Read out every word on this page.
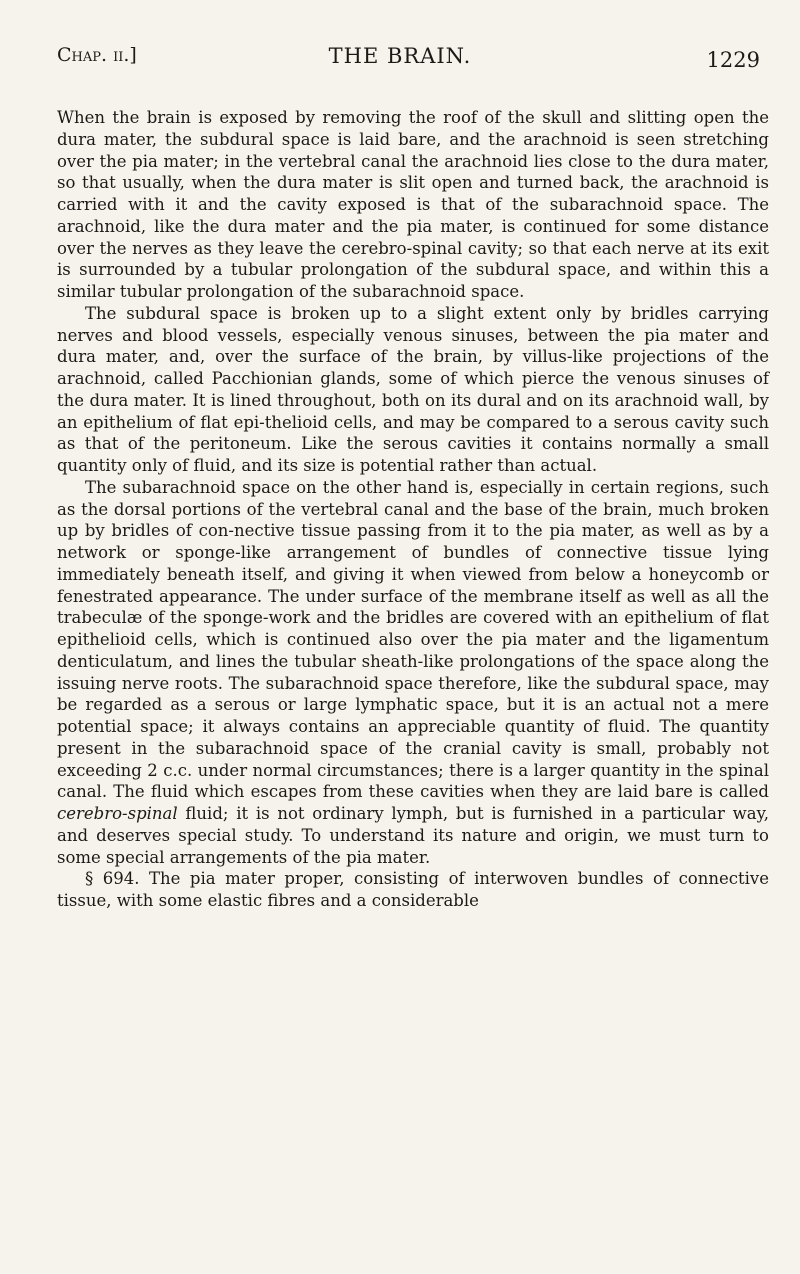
Chap. ii.]	THE BRAIN.	1229

When the brain is exposed by removing the roof of the skull and slitting open the dura mater, the subdural space is laid bare, and the arachnoid is seen stretching over the pia mater; in the vertebral canal the arachnoid lies close to the dura mater, so that usually, when the dura mater is slit open and turned back, the arachnoid is carried with it and the cavity exposed is that of the subarachnoid space. The arachnoid, like the dura mater and the pia mater, is continued for some distance over the nerves as they leave the cerebro-spinal cavity; so that each nerve at its exit is surrounded by a tubular prolongation of the subdural space, and within this a similar tubular prolongation of the subarachnoid space.

The subdural space is broken up to a slight extent only by bridles carrying nerves and blood vessels, especially venous sinuses, between the pia mater and dura mater, and, over the surface of the brain, by villus-like projections of the arachnoid, called Pacchionian glands, some of which pierce the venous sinuses of the dura mater. It is lined throughout, both on its dural and on its arachnoid wall, by an epithelium of flat epi-thelioid cells, and may be compared to a serous cavity such as that of the peritoneum. Like the serous cavities it contains normally a small quantity only of fluid, and its size is potential rather than actual.

The subarachnoid space on the other hand is, especially in certain regions, such as the dorsal portions of the vertebral canal and the base of the brain, much broken up by bridles of con-nective tissue passing from it to the pia mater, as well as by a network or sponge-like arrangement of bundles of connective tissue lying immediately beneath itself, and giving it when viewed from below a honeycomb or fenestrated appearance. The under surface of the membrane itself as well as all the trabeculæ of the sponge-work and the bridles are covered with an epithelium of flat epithelioid cells, which is continued also over the pia mater and the ligamentum denticulatum, and lines the tubular sheath-like prolongations of the space along the issuing nerve roots. The subarachnoid space therefore, like the subdural space, may be regarded as a serous or large lymphatic space, but it is an actual not a mere potential space; it always contains an appreciable quantity of fluid. The quantity present in the subarachnoid space of the cranial cavity is small, probably not exceeding 2 c.c. under normal circumstances; there is a larger quantity in the spinal canal. The fluid which escapes from these cavities when they are laid bare is called cerebro-spinal fluid; it is not ordinary lymph, but is furnished in a particular way, and deserves special study. To understand its nature and origin, we must turn to some special arrangements of the pia mater.

§ 694. The pia mater proper, consisting of interwoven bundles of connective tissue, with some elastic fibres and a considerable
